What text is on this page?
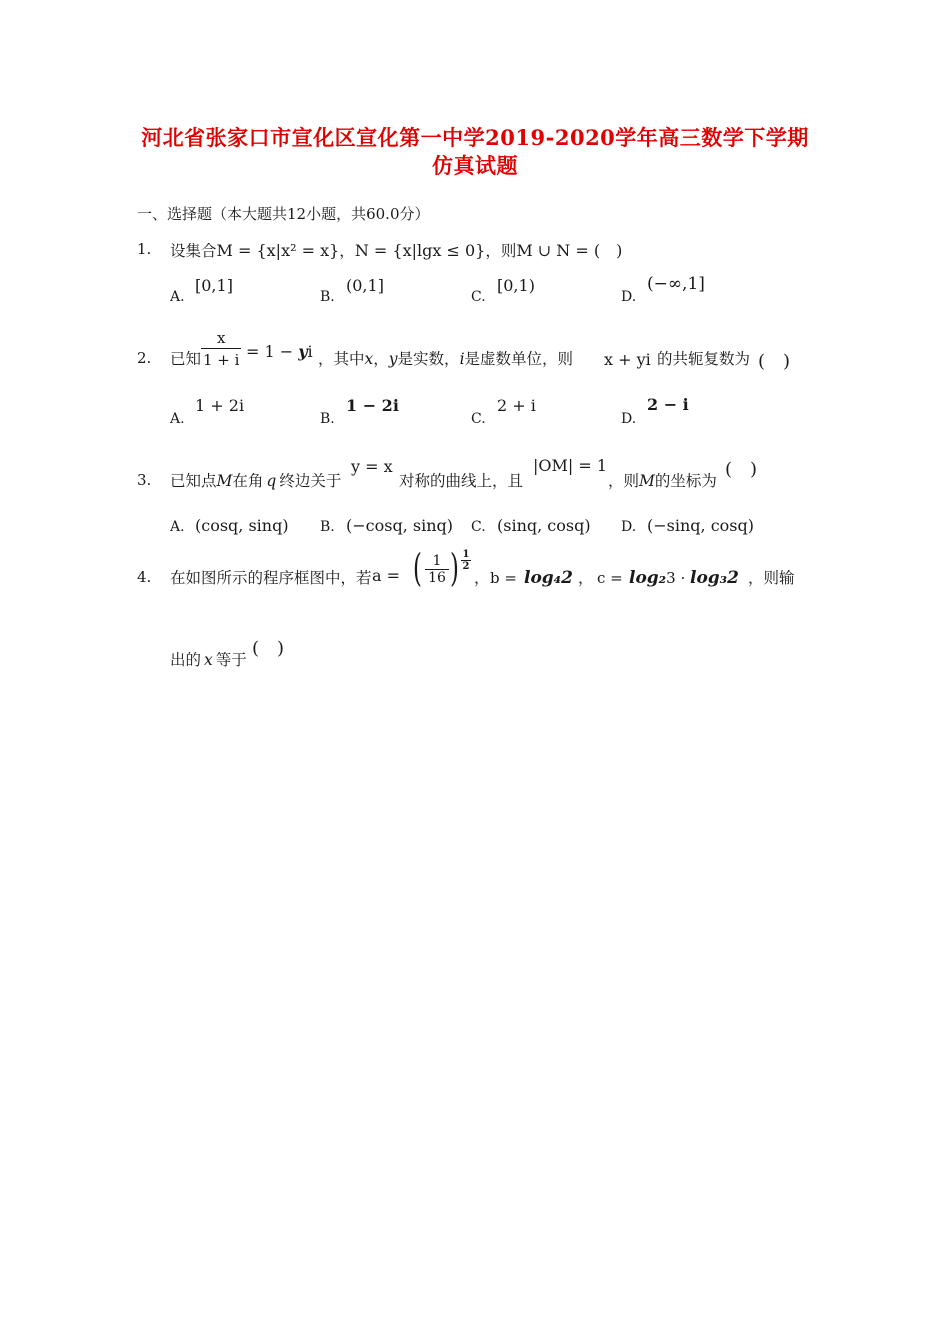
河北省张家口市宣化区宣化第一中学2019-2020学年高三数学下学期
仿真试题
一、选择题（本大题共12小题，共60.0分）
1. 设集合M = {x|x² = x}，N = {x|lgx ≤ 0}，则M ∪ N = (　)
A.
[0,1]
B.
(0,1]
C.
[0,1)
D.
(−∞,1]
2. 已知 $\frac{x}{1 + i} = 1$ − yi ，其中x，y是实数，i是虚数单位，则 x + yi 的共轭复数为 (　)
A.
1 + 2i
B.
1 − 2i
C.
2 + i
D.
2 − i
3. 已知点M在角 q 终边关于
y = x
对称的曲线上，且
|OM| = 1
，则M的坐标为
(　)
A. (cosq, sinq) B. (−cosq, sinq) C. (sinq, cosq) D. (−sinq, cosq)
4. 在如图所示的程序框图中，若 a = ( $\frac{1}{16}$ ) $\frac{1}{2}$
， b = log₄2 ， c = log₂3 · log₃2 ，则输
出的 x 等于
(　)
